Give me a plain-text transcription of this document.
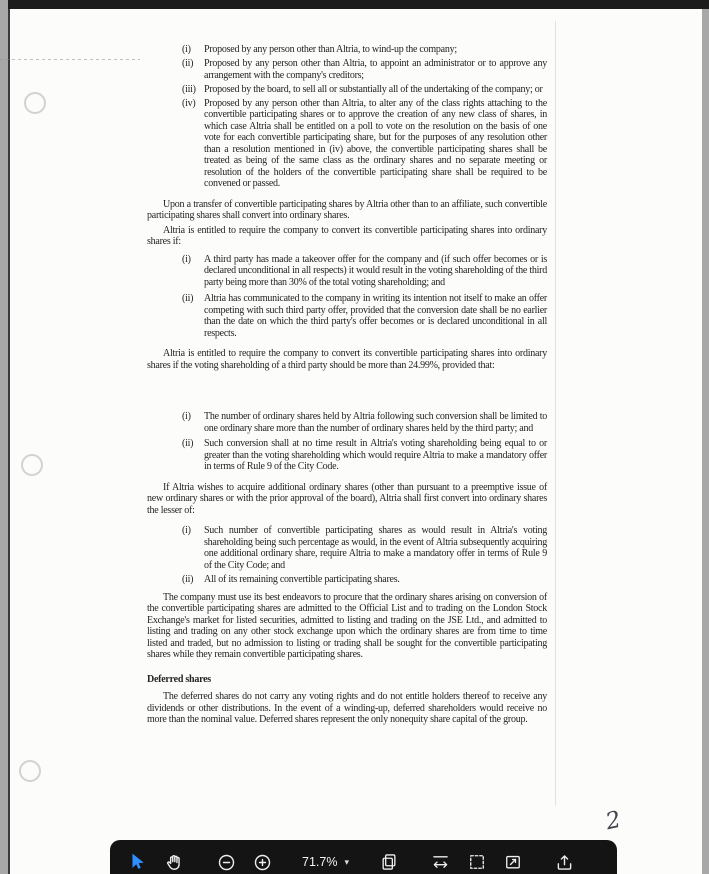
(i)	Proposed by any person other than Altria, to wind-up the company;
(ii)	Proposed by any person other than Altria, to appoint an administrator or to approve any arrangement with the company's creditors;
(iii) Proposed by the board, to sell all or substantially all of the undertaking of the company; or
(iv) Proposed by any person other than Altria, to alter any of the class rights attaching to the convertible participating shares or to approve the creation of any new class of shares, in which case Altria shall be entitled on a poll to vote on the resolution on the basis of one vote for each convertible participating share, but for the purposes of any resolution other than a resolution mentioned in (iv) above, the convertible participating shares shall be treated as being of the same class as the ordinary shares and no separate meeting or resolution of the holders of the convertible participating share shall be required to be convened or passed.

Upon a transfer of convertible participating shares by Altria other than to an affiliate, such convertible participating shares shall convert into ordinary shares.

Altria is entitled to require the company to convert its convertible participating shares into ordinary shares if:

(i)	A third party has made a takeover offer for the company and (if such offer becomes or is declared unconditional in all respects) it would result in the voting shareholding of the third party being more than 30% of the total voting shareholding; and
(ii)	Altria has communicated to the company in writing its intention not itself to make an offer competing with such third party offer, provided that the conversion date shall be no earlier than the date on which the third party's offer becomes or is declared unconditional in all respects.

Altria is entitled to require the company to convert its convertible participating shares into ordinary shares if the voting shareholding of a third party should be more than 24.99%, provided that:

(i)	The number of ordinary shares held by Altria following such conversion shall be limited to one ordinary share more than the number of ordinary shares held by the third party; and
(ii)	Such conversion shall at no time result in Altria's voting shareholding being equal to or greater than the voting shareholding which would require Altria to make a mandatory offer in terms of Rule 9 of the City Code.

If Altria wishes to acquire additional ordinary shares (other than pursuant to a preemptive issue of new ordinary shares or with the prior approval of the board), Altria shall first convert into ordinary shares the lesser of:

(i)	Such number of convertible participating shares as would result in Altria's voting shareholding being such percentage as would, in the event of Altria subsequently acquiring one additional ordinary share, require Altria to make a mandatory offer in terms of Rule 9 of the City Code; and
(ii)	All of its remaining convertible participating shares.

The company must use its best endeavors to procure that the ordinary shares arising on conversion of the convertible participating shares are admitted to the Official List and to trading on the London Stock Exchange's market for listed securities, admitted to listing and trading on the JSE Ltd., and admitted to listing and trading on any other stock exchange upon which the ordinary shares are from time to time listed and traded, but no admission to listing or trading shall be sought for the convertible participating shares while they remain convertible participating shares.

Deferred shares

The deferred shares do not carry any voting rights and do not entitle holders thereof to receive any dividends or other distributions. In the event of a winding-up, deferred shareholders would receive no more than the nominal value. Deferred shares represent the only nonequity share capital of the group.

2
71.7% ▾
